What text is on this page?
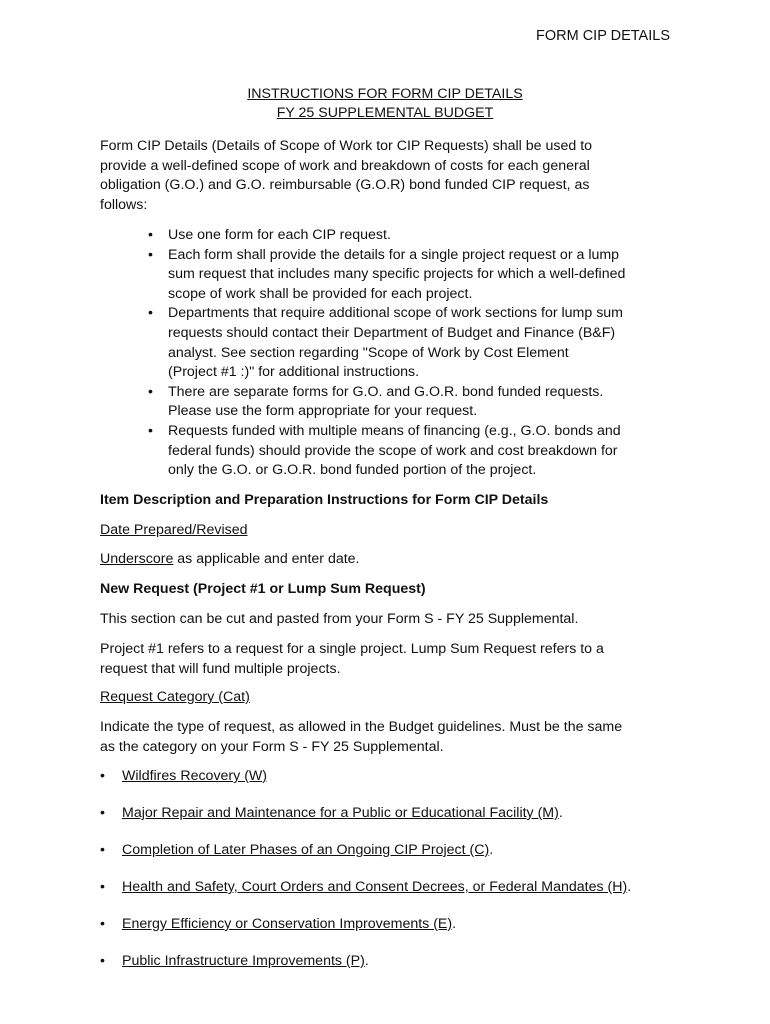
FORM CIP DETAILS
INSTRUCTIONS FOR FORM CIP DETAILS
FY 25 SUPPLEMENTAL BUDGET
Form CIP Details (Details of Scope of Work tor CIP Requests) shall be used to
provide a well-defined scope of work and breakdown of costs for each general
obligation (G.O.) and G.O. reimbursable (G.O.R) bond funded CIP request, as
follows:
• Use one form for each CIP request.
• Each form shall provide the details for a single project request or a lump
sum request that includes many specific projects for which a well-defined
scope of work shall be provided for each project.
• Departments that require additional scope of work sections for lump sum
requests should contact their Department of Budget and Finance (B&F)
analyst. See section regarding "Scope of Work by Cost Element
(Project #1 :)" for additional instructions.
• There are separate forms for G.O. and G.O.R. bond funded requests.
Please use the form appropriate for your request.
• Requests funded with multiple means of financing (e.g., G.O. bonds and
federal funds) should provide the scope of work and cost breakdown for
only the G.O. or G.O.R. bond funded portion of the project.
Item Description and Preparation Instructions for Form CIP Details
Date Prepared/Revised
Underscore as applicable and enter date.
New Request (Project #1 or Lump Sum Request)
This section can be cut and pasted from your Form S - FY 25 Supplemental.
Project #1 refers to a request for a single project. Lump Sum Request refers to a
request that will fund multiple projects.
Request Category (Cat)
Indicate the type of request, as allowed in the Budget guidelines. Must be the same
as the category on your Form S - FY 25 Supplemental.
• Wildfires Recovery (W)
• Major Repair and Maintenance for a Public or Educational Facility (M).
• Completion of Later Phases of an Ongoing CIP Project (C).
• Health and Safety, Court Orders and Consent Decrees, or Federal Mandates (H).
• Energy Efficiency or Conservation Improvements (E).
• Public Infrastructure Improvements (P).
